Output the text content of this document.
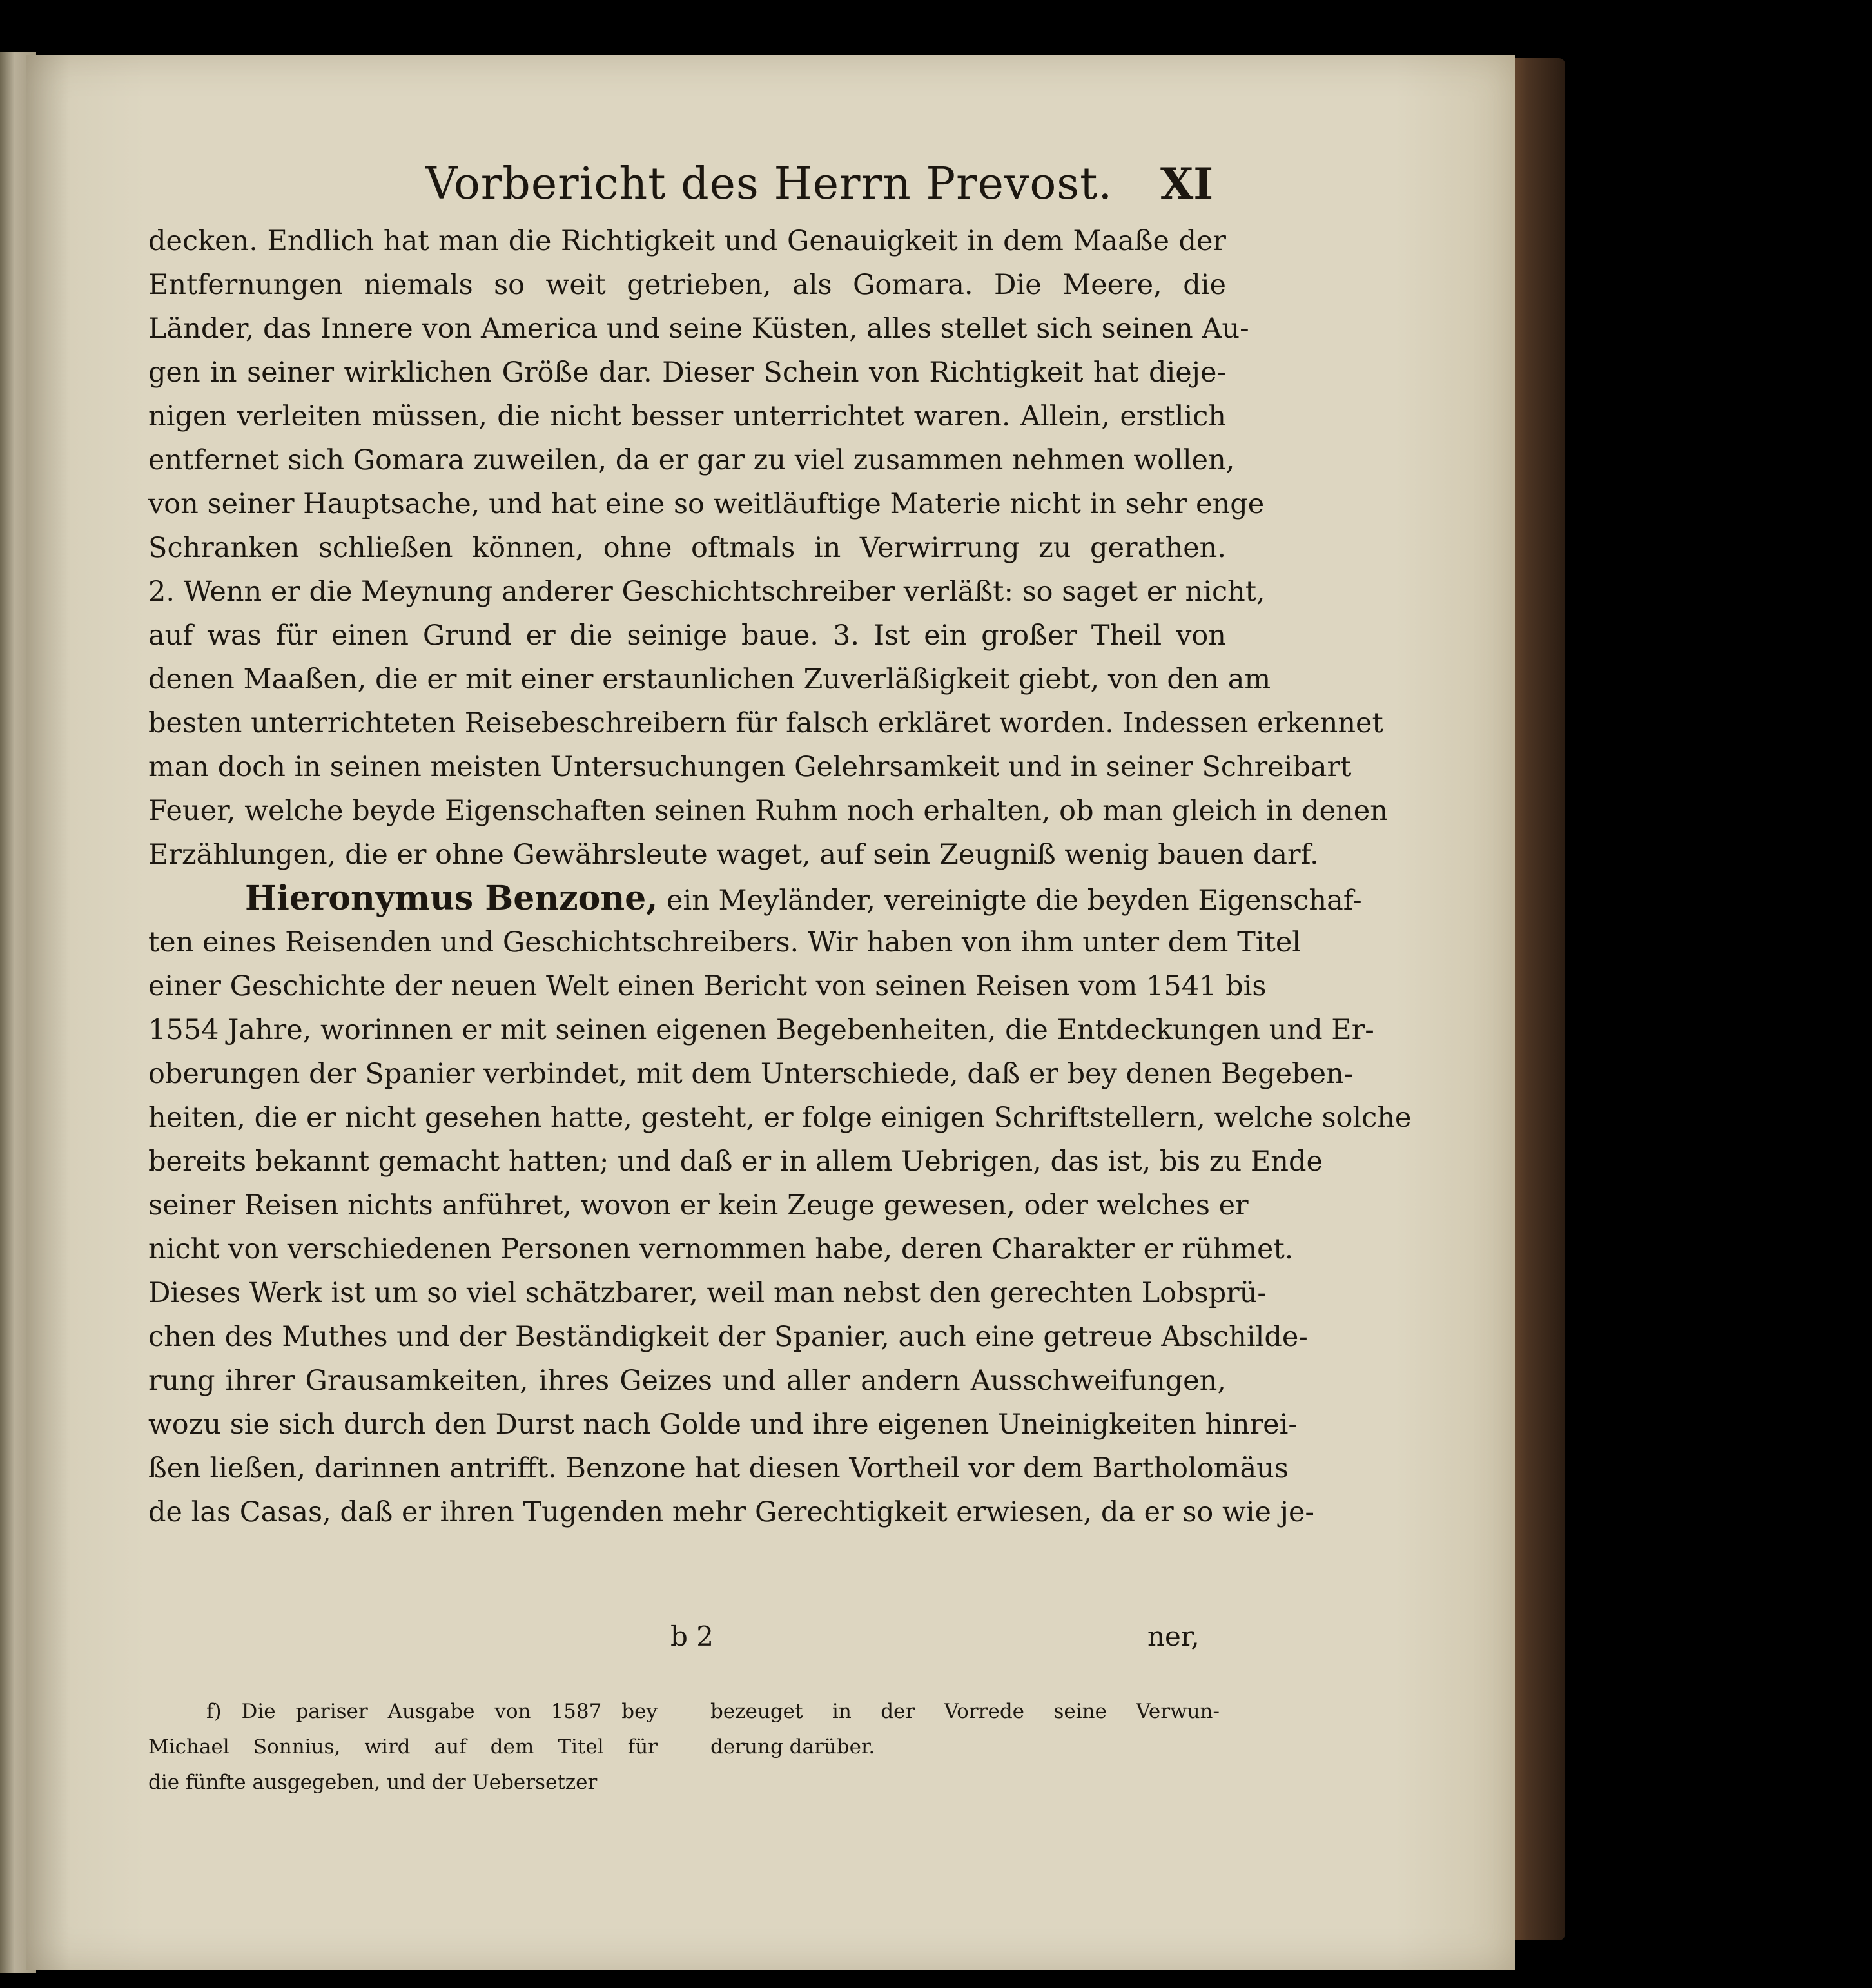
Vorbericht des Herrn Prevost. XI
decken. Endlich hat man die Richtigkeit und Genauigkeit in dem Maaße der
Entfernungen niemals so weit getrieben, als Gomara. Die Meere, die
Länder, das Innere von America und seine Küsten, alles stellet sich seinen Au-
gen in seiner wirklichen Größe dar. Dieser Schein von Richtigkeit hat dieje-
nigen verleiten müssen, die nicht besser unterrichtet waren. Allein, erstlich
entfernet sich Gomara zuweilen, da er gar zu viel zusammen nehmen wollen,
von seiner Hauptsache, und hat eine so weitläuftige Materie nicht in sehr enge
Schranken schließen können, ohne oftmals in Verwirrung zu gerathen.
2. Wenn er die Meynung anderer Geschichtschreiber verläßt: so saget er nicht,
auf was für einen Grund er die seinige baue. 3. Ist ein großer Theil von
denen Maaßen, die er mit einer erstaunlichen Zuverläßigkeit giebt, von den am
besten unterrichteten Reisebeschreibern für falsch erkläret worden. Indessen erkennet
man doch in seinen meisten Untersuchungen Gelehrsamkeit und in seiner Schreibart
Feuer, welche beyde Eigenschaften seinen Ruhm noch erhalten, ob man gleich in denen
Erzählungen, die er ohne Gewährsleute waget, auf sein Zeugniß wenig bauen darf.
Hieronymus Benzone, ein Meyländer, vereinigte die beyden Eigenschaf-
ten eines Reisenden und Geschichtschreibers. Wir haben von ihm unter dem Titel
einer Geschichte der neuen Welt einen Bericht von seinen Reisen vom 1541 bis
1554 Jahre, worinnen er mit seinen eigenen Begebenheiten, die Entdeckungen und Er-
oberungen der Spanier verbindet, mit dem Unterschiede, daß er bey denen Begeben-
heiten, die er nicht gesehen hatte, gesteht, er folge einigen Schriftstellern, welche solche
bereits bekannt gemacht hatten; und daß er in allem Uebrigen, das ist, bis zu Ende
seiner Reisen nichts anführet, wovon er kein Zeuge gewesen, oder welches er
nicht von verschiedenen Personen vernommen habe, deren Charakter er rühmet.
Dieses Werk ist um so viel schätzbarer, weil man nebst den gerechten Lobsprü-
chen des Muthes und der Beständigkeit der Spanier, auch eine getreue Abschilde-
rung ihrer Grausamkeiten, ihres Geizes und aller andern Ausschweifungen,
wozu sie sich durch den Durst nach Golde und ihre eigenen Uneinigkeiten hinrei-
ßen ließen, darinnen antrifft. Benzone hat diesen Vortheil vor dem Bartholomäus
de las Casas, daß er ihren Tugenden mehr Gerechtigkeit erwiesen, da er so wie je-
b 2	ner,
f) Die pariser Ausgabe von 1587 bey
Michael Sonnius, wird auf dem Titel für
die fünfte ausgegeben, und der Uebersetzer
bezeuget in der Vorrede seine Verwun-
derung darüber.
